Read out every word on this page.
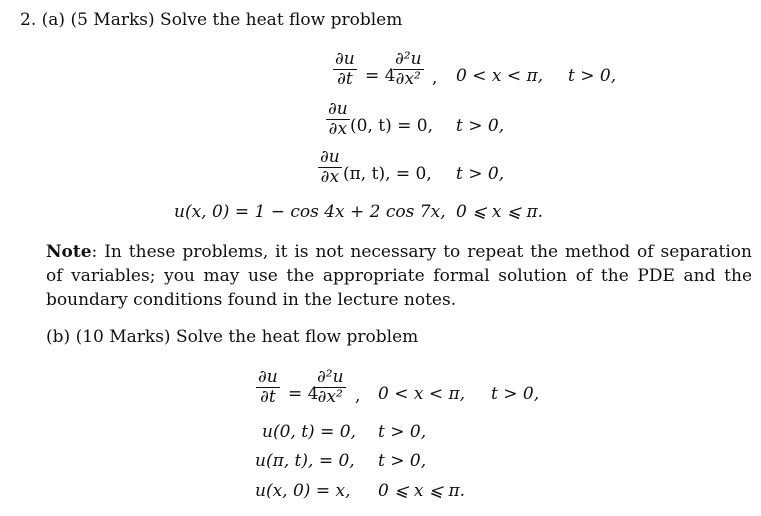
2. (a) (5 Marks) Solve the heat flow problem
∂u
∂t = 4
∂²u
∂x² , 0 < x < π, t > 0,
∂u
∂x (0, t) = 0, t > 0,
∂u
∂x (π, t), = 0, t > 0,
u(x, 0) = 1 − cos 4x + 2 cos 7x, 0 ⩽ x ⩽ π.
Note: In these problems, it is not necessary to repeat the method of separation of variables; you may use the appropriate formal solution of the PDE and the boundary conditions found in the lecture notes.
(b) (10 Marks) Solve the heat flow problem
∂u
∂t = 4
∂²u
∂x² , 0 < x < π, t > 0,
u(0, t) = 0, t > 0,
u(π, t), = 0, t > 0,
u(x, 0) = x, 0 ⩽ x ⩽ π.
